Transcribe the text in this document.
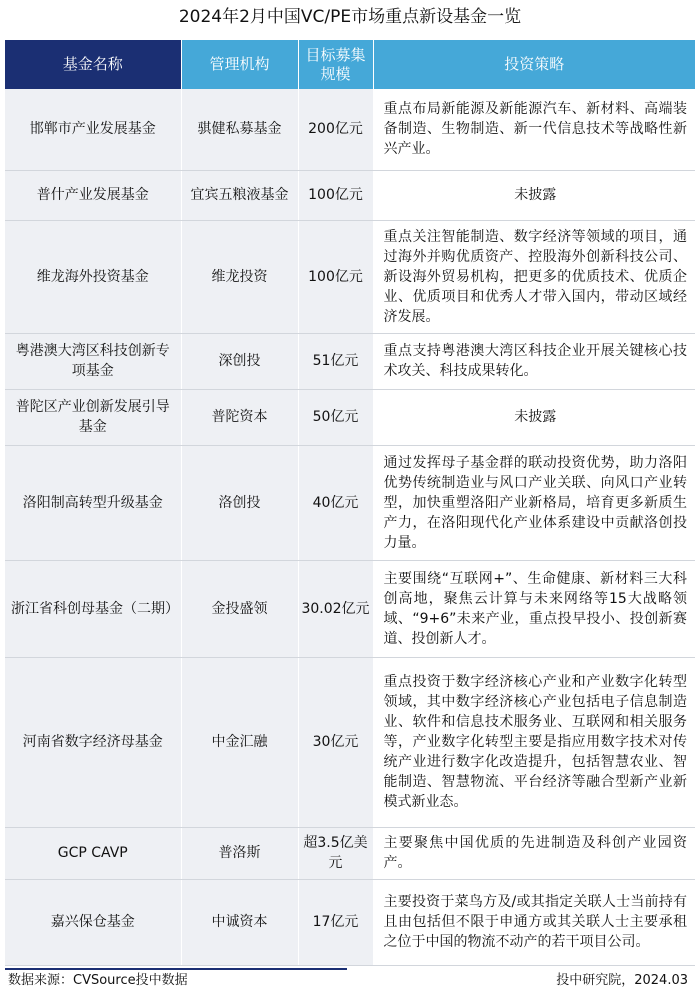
2024年2月中国VC/PE市场重点新设基金一览
基金名称	管理机构	目标募集规模	投资策略
邯郸市产业发展基金	骐健私募基金	200亿元	重点布局新能源及新能源汽车、新材料、高端装备制造、生物制造、新一代信息技术等战略性新兴产业。
普什产业发展基金	宜宾五粮液基金	100亿元	未披露
维龙海外投资基金	维龙投资	100亿元	重点关注智能制造、数字经济等领域的项目，通过海外并购优质资产、控股海外创新科技公司、新设海外贸易机构，把更多的优质技术、优质企业、优质项目和优秀人才带入国内，带动区域经济发展。
粤港澳大湾区科技创新专项基金	深创投	51亿元	重点支持粤港澳大湾区科技企业开展关键核心技术攻关、科技成果转化。
普陀区产业创新发展引导基金	普陀资本	50亿元	未披露
洛阳制高转型升级基金	洛创投	40亿元	通过发挥母子基金群的联动投资优势，助力洛阳优势传统制造业与风口产业关联、向风口产业转型，加快重塑洛阳产业新格局，培育更多新质生产力，在洛阳现代化产业体系建设中贡献洛创投力量。
浙江省科创母基金（二期）	金投盛领	30.02亿元	主要围绕“互联网+”、生命健康、新材料三大科创高地，聚焦云计算与未来网络等15大战略领域、“9+6”未来产业，重点投早投小、投创新赛道、投创新人才。
河南省数字经济母基金	中金汇融	30亿元	重点投资于数字经济核心产业和产业数字化转型领域，其中数字经济核心产业包括电子信息制造业、软件和信息技术服务业、互联网和相关服务等，产业数字化转型主要是指应用数字技术对传统产业进行数字化改造提升，包括智慧农业、智能制造、智慧物流、平台经济等融合型新产业新模式新业态。
GCP CAVP	普洛斯	超3.5亿美元	主要聚焦中国优质的先进制造及科创产业园资产。
嘉兴保仓基金	中诚资本	17亿元	主要投资于菜鸟方及/或其指定关联人士当前持有且由包括但不限于申通方或其关联人士主要承租之位于中国的物流不动产的若干项目公司。
数据来源：CVSource投中数据	投中研究院，2024.03
